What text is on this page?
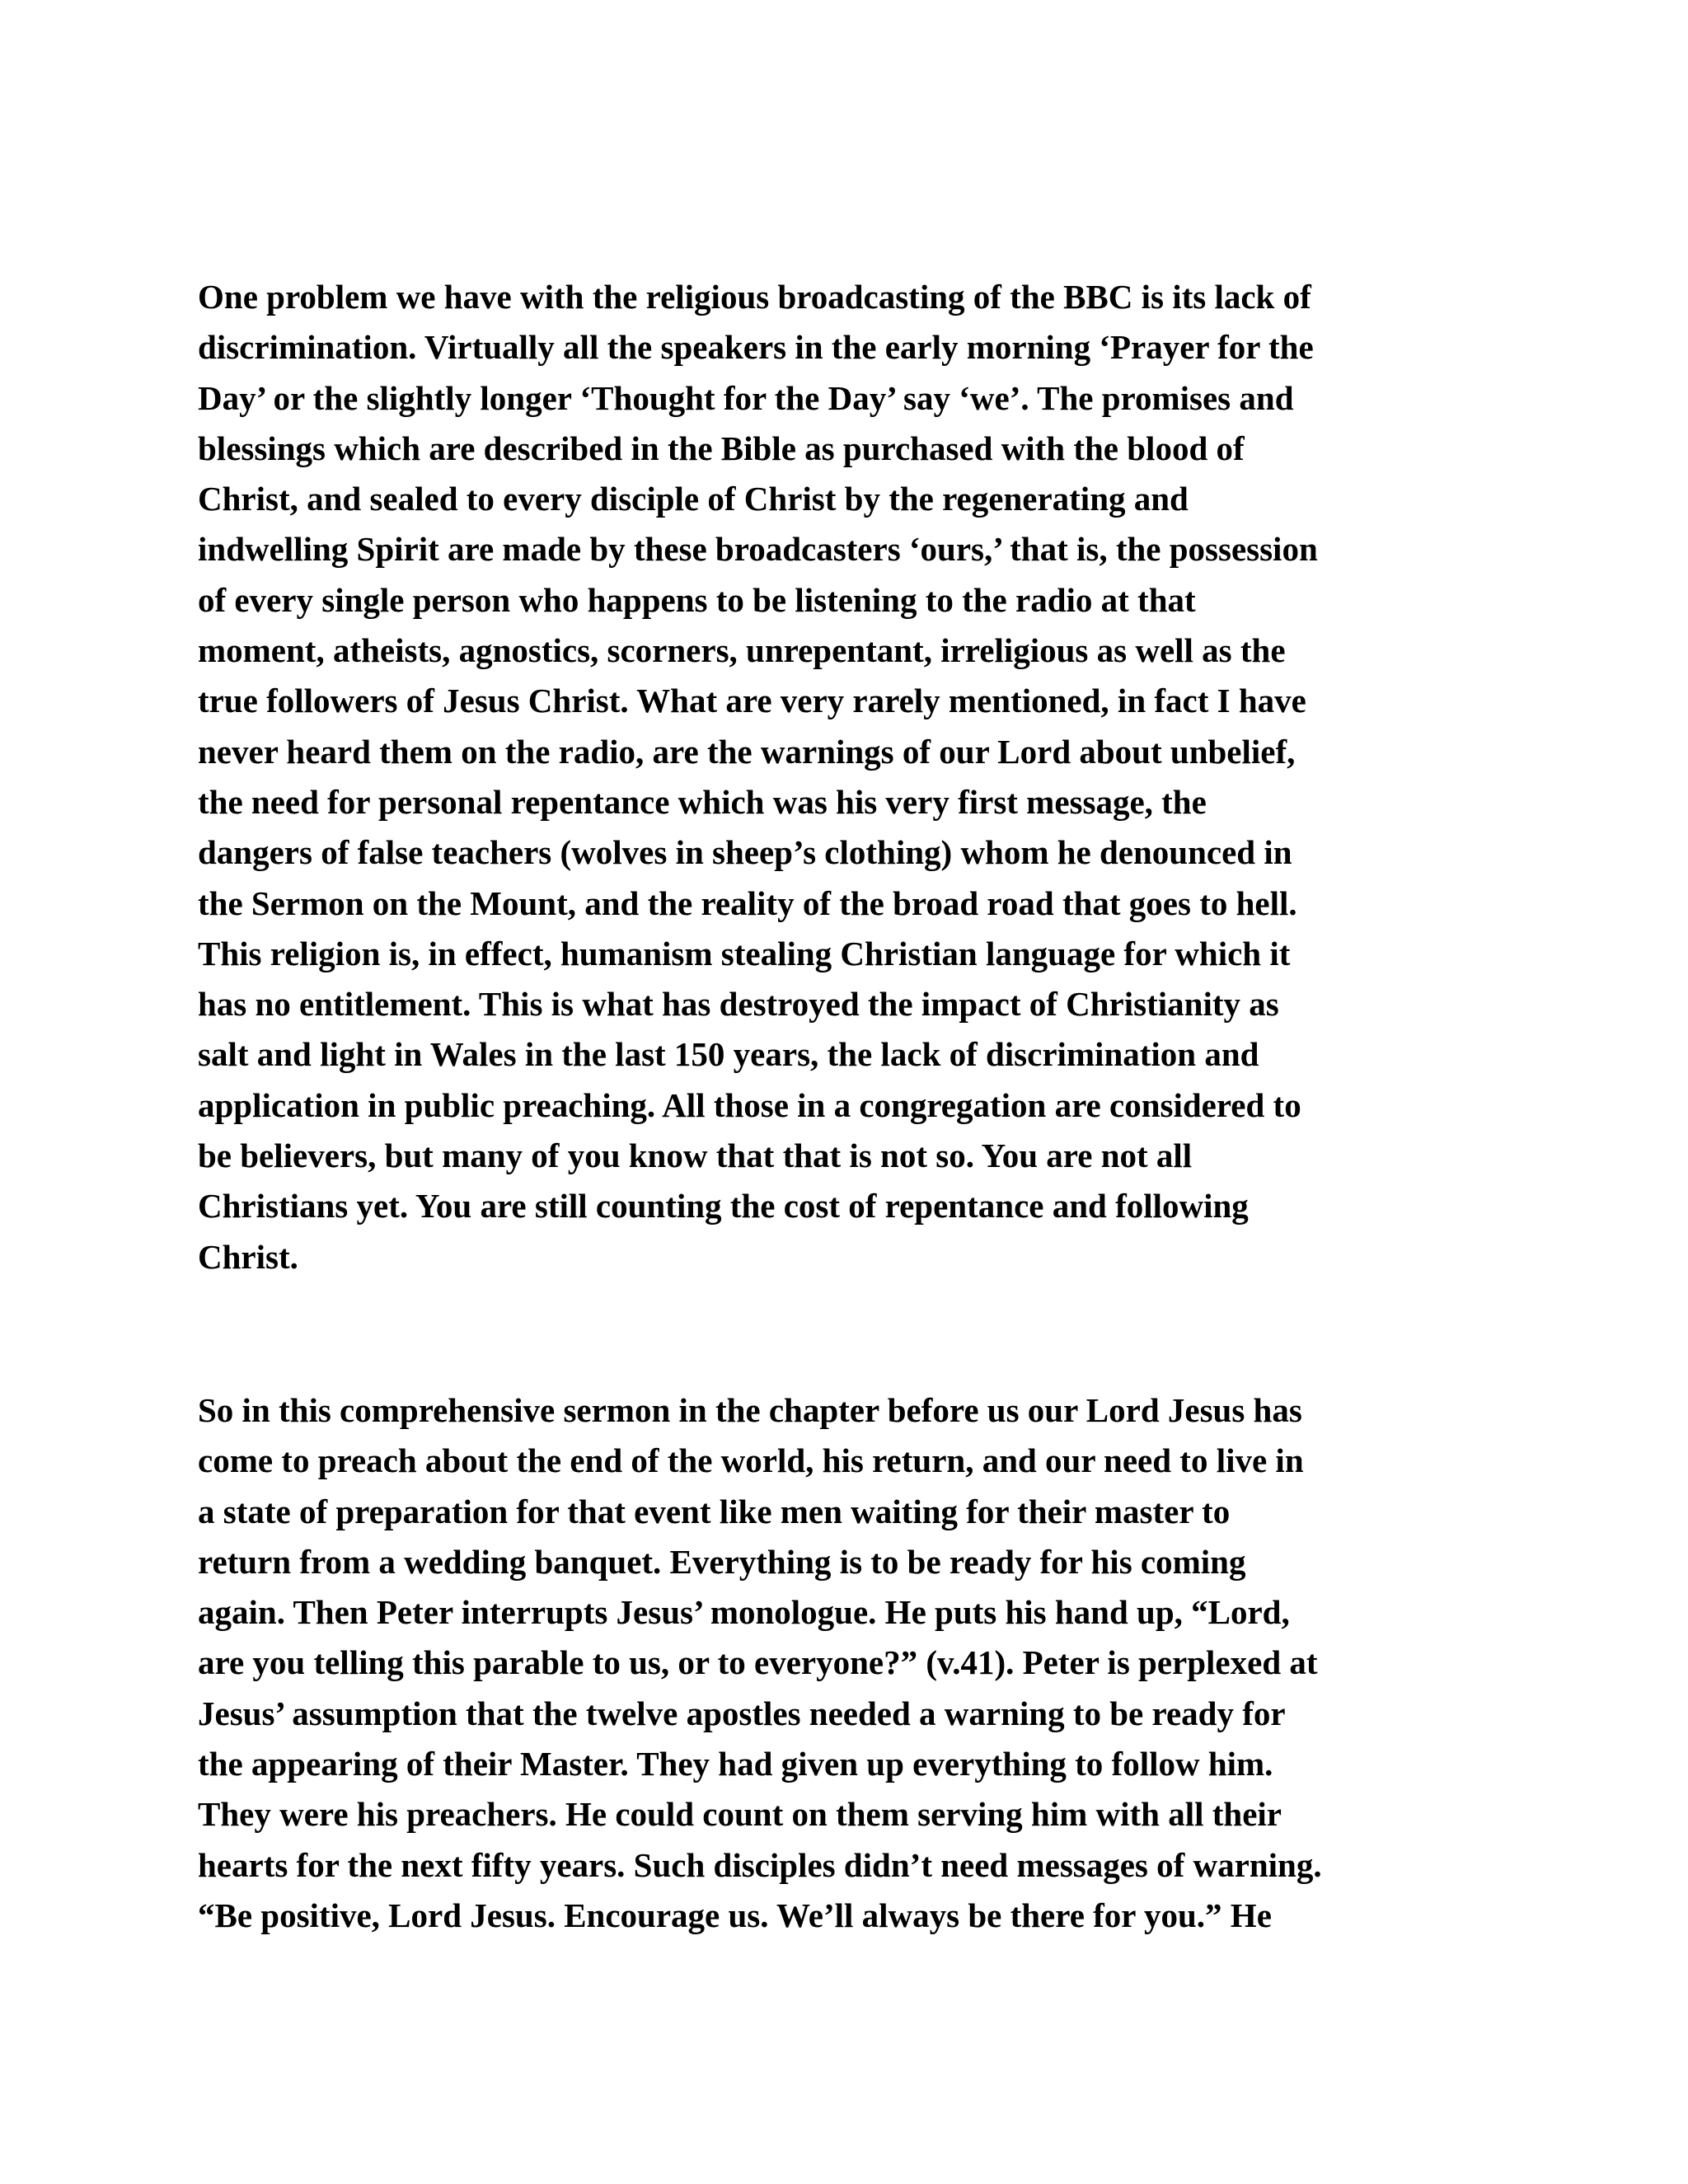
One problem we have with the religious broadcasting of the BBC is its lack of
discrimination. Virtually all the speakers in the early morning ‘Prayer for the
Day’ or the slightly longer ‘Thought for the Day’ say ‘we’. The promises and
blessings which are described in the Bible as purchased with the blood of
Christ, and sealed to every disciple of Christ by the regenerating and
indwelling Spirit are made by these broadcasters ‘ours,’ that is, the possession
of every single person who happens to be listening to the radio at that
moment, atheists, agnostics, scorners, unrepentant, irreligious as well as the
true followers of Jesus Christ. What are very rarely mentioned, in fact I have
never heard them on the radio, are the warnings of our Lord about unbelief,
the need for personal repentance which was his very first message, the
dangers of false teachers (wolves in sheep’s clothing) whom he denounced in
the Sermon on the Mount, and the reality of the broad road that goes to hell.
This religion is, in effect, humanism stealing Christian language for which it
has no entitlement. This is what has destroyed the impact of Christianity as
salt and light in Wales in the last 150 years, the lack of discrimination and
application in public preaching. All those in a congregation are considered to
be believers, but many of you know that that is not so. You are not all
Christians yet. You are still counting the cost of repentance and following
Christ.
So in this comprehensive sermon in the chapter before us our Lord Jesus has
come to preach about the end of the world, his return, and our need to live in
a state of preparation for that event like men waiting for their master to
return from a wedding banquet. Everything is to be ready for his coming
again. Then Peter interrupts Jesus’ monologue. He puts his hand up, “Lord,
are you telling this parable to us, or to everyone?” (v.41). Peter is perplexed at
Jesus’ assumption that the twelve apostles needed a warning to be ready for
the appearing of their Master. They had given up everything to follow him.
They were his preachers. He could count on them serving him with all their
hearts for the next fifty years. Such disciples didn’t need messages of warning.
“Be positive, Lord Jesus. Encourage us. We’ll always be there for you.” He
